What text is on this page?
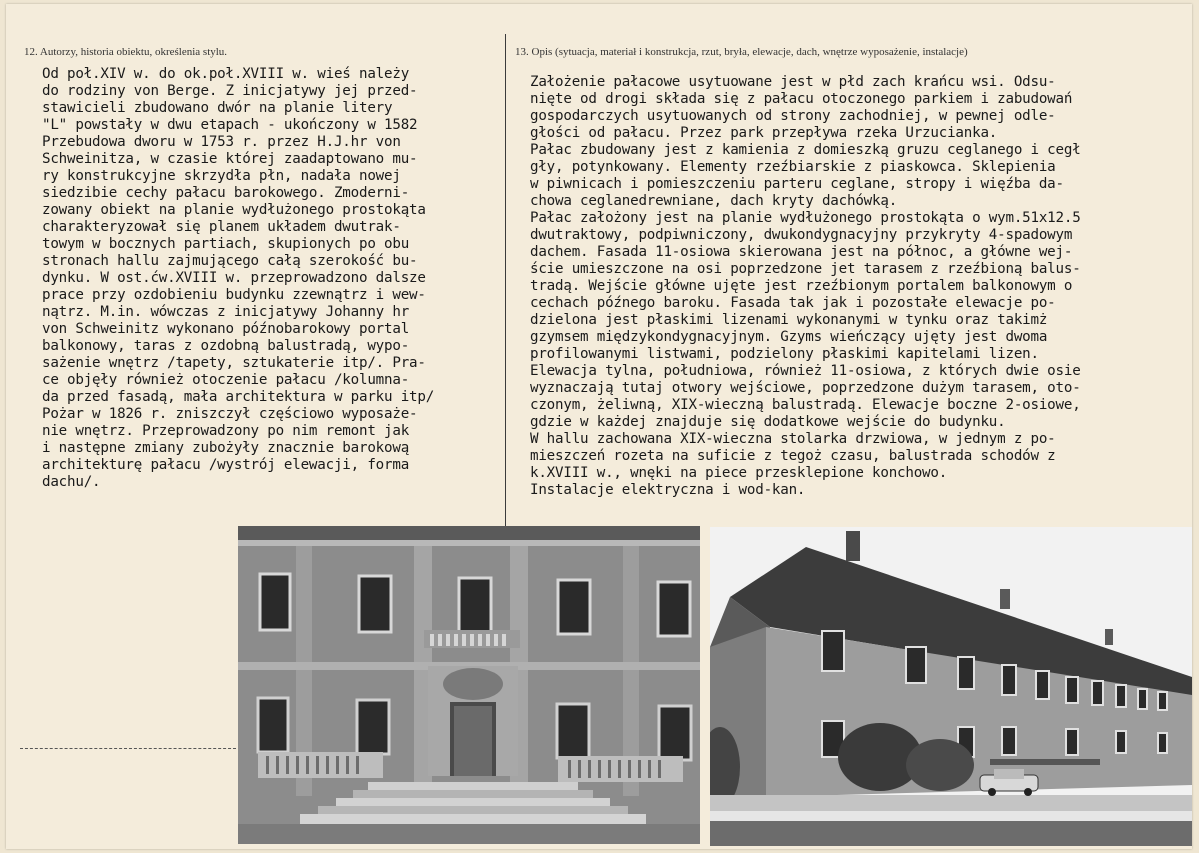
12. Autorzy, historia obiektu, określenia stylu.	13. Opis (sytuacja, materiał i konstrukcja, rzut, bryła, elewacje, dach, wnętrze wyposażenie, instalacje)
Od poł.XIV w. do ok.poł.XVIII w. wieś należy
do rodziny von Berge. Z inicjatywy jej przed-
stawicieli zbudowano dwór na planie litery
"L" powstały w dwu etapach - ukończony w 1582
Przebudowa dworu w 1753 r. przez H.J.hr von
Schweinitza, w czasie której zaadaptowano mu-
ry konstrukcyjne skrzydła płn, nadała nowej
siedzibie cechy pałacu barokowego. Zmoderni-
zowany obiekt na planie wydłużonego prostokąta
charakteryzował się planem układem dwutrak-
towym w bocznych partiach, skupionych po obu
stronach hallu zajmującego całą szerokość bu-
dynku. W ost.ćw.XVIII w. przeprowadzono dalsze
prace przy ozdobieniu budynku zzewnątrz i wew-
nątrz. M.in. wówczas z inicjatywy Johanny hr
von Schweinitz wykonano późnobarokowy portal
balkonowy, taras z ozdobną balustradą, wypo-
sażenie wnętrz /tapety, sztukaterie itp/. Pra-
ce objęły również otoczenie pałacu /kolumna-
da przed fasadą, mała architektura w parku itp/
Pożar w 1826 r. zniszczył częściowo wyposaże-
nie wnętrz. Przeprowadzony po nim remont jak
i następne zmiany zubożyły znacznie barokową
architekturę pałacu /wystrój elewacji, forma
dachu/.
Założenie pałacowe usytuowane jest w płd zach krańcu wsi. Odsu-
nięte od drogi składa się z pałacu otoczonego parkiem i zabudowań
gospodarczych usytuowanych od strony zachodniej, w pewnej odle-
głości od pałacu. Przez park przepływa rzeka Urzucianka.
Pałac zbudowany jest z kamienia z domieszką gruzu ceglanego i cegł
gły, potynkowany. Elementy rzeźbiarskie z piaskowca. Sklepienia
w piwnicach i pomieszczeniu parteru ceglane, stropy i więźba da-
chowa ceglanedrewniane, dach kryty dachówką.
Pałac założony jest na planie wydłużonego prostokąta o wym.51x12.5
dwutraktowy, podpiwniczony, dwukondygnacyjny przykryty 4-spadowym
dachem. Fasada 11-osiowa skierowana jest na północ, a główne wej-
ście umieszczone na osi poprzedzone jet tarasem z rzeźbioną balus-
tradą. Wejście główne ujęte jest rzeźbionym portalem balkonowym o
cechach późnego baroku. Fasada tak jak i pozostałe elewacje po-
dzielona jest płaskimi lizenami wykonanymi w tynku oraz takimż
gzymsem międzykondygnacyjnym. Gzyms wieńczący ujęty jest dwoma
profilowanymi listwami, podzielony płaskimi kapitelami lizen.
Elewacja tylna, południowa, również 11-osiowa, z których dwie osie
wyznaczają tutaj otwory wejściowe, poprzedzone dużym tarasem, oto-
czonym, żeliwną, XIX-wieczną balustradą. Elewacje boczne 2-osiowe,
gdzie w każdej znajduje się dodatkowe wejście do budynku.
W hallu zachowana XIX-wieczna stolarka drzwiowa, w jednym z po-
mieszczeń rozeta na suficie z tegoż czasu, balustrada schodów z
k.XVIII w., wnęki na piece przesklepione konchowo.
Instalacje elektryczna i wod-kan.
